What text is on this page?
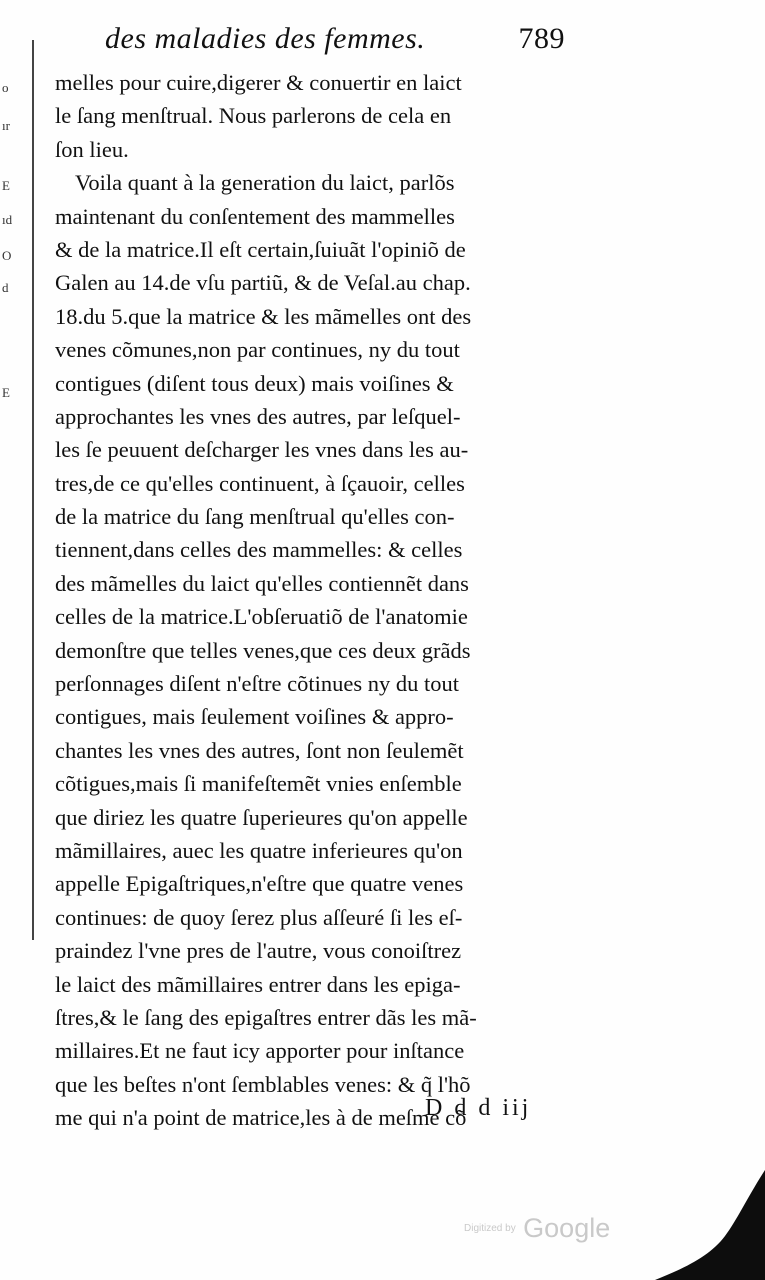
o
ır
E
ıd
O
d
E
des maladies des femmes.	789
melles pour cuire,digerer & conuertir en laict
le ſang menſtrual. Nous parlerons de cela en
ſon lieu.
Voila quant à la generation du laict, parlõs
maintenant du conſentement des mammelles
& de la matrice.Il eſt certain,ſuiuãt l'opiniõ de
Galen au 14.de vſu partiũ, & de Veſal.au chap.
18.du 5.que la matrice & les mãmelles ont des
venes cõmunes,non par continues, ny du tout
contigues (diſent tous deux) mais voiſines &
approchantes les vnes des autres, par leſquel-
les ſe peuuent deſcharger les vnes dans les au-
tres,de ce qu'elles continuent, à ſçauoir, celles
de la matrice du ſang menſtrual qu'elles con-
tiennent,dans celles des mammelles: & celles
des mãmelles du laict qu'elles contiennẽt dans
celles de la matrice.L'obſeruatiõ de l'anatomie
demonſtre que telles venes,que ces deux grãds
perſonnages diſent n'eſtre cõtinues ny du tout
contigues, mais ſeulement voiſines & appro-
chantes les vnes des autres, ſont non ſeulemẽt
cõtigues,mais ſi manifeſtemẽt vnies enſemble
que diriez les quatre ſuperieures qu'on appelle
mãmillaires, auec les quatre inferieures qu'on
appelle Epigaſtriques,n'eſtre que quatre venes
continues: de quoy ſerez plus aſſeuré ſi les eſ-
praindez l'vne pres de l'autre, vous conoiſtrez
le laict des mãmillaires entrer dans les epiga-
ſtres,& le ſang des epigaſtres entrer dãs les mã-
millaires.Et ne faut icy apporter pour inſtance
que les beſtes n'ont ſemblables venes: & q̃ l'hõ
me qui n'a point de matrice,les à de meſme cõ
D d d iij
Digitized by Google
